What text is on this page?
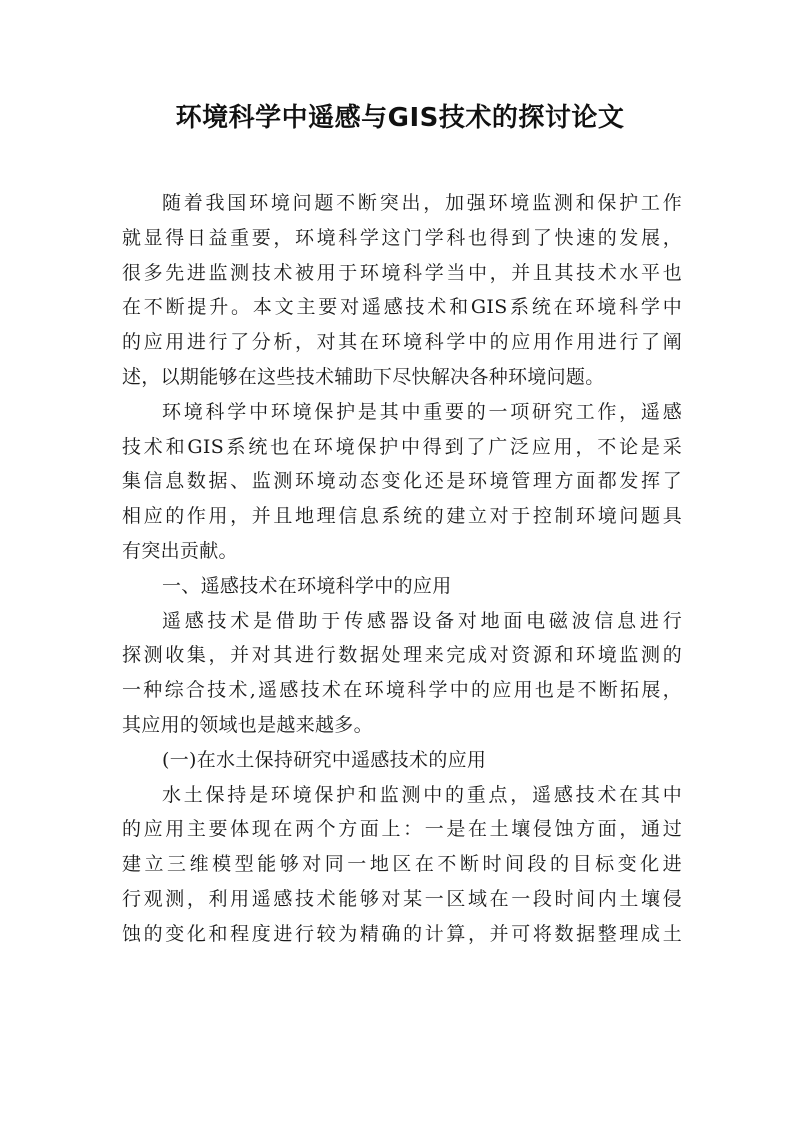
环境科学中遥感与GIS技术的探讨论文
随着我国环境问题不断突出，加强环境监测和保护工作
就显得日益重要，环境科学这门学科也得到了快速的发展，
很多先进监测技术被用于环境科学当中，并且其技术水平也
在不断提升。本文主要对遥感技术和GIS系统在环境科学中
的应用进行了分析，对其在环境科学中的应用作用进行了阐
述，以期能够在这些技术辅助下尽快解决各种环境问题。
环境科学中环境保护是其中重要的一项研究工作，遥感
技术和GIS系统也在环境保护中得到了广泛应用，不论是采
集信息数据、监测环境动态变化还是环境管理方面都发挥了
相应的作用，并且地理信息系统的建立对于控制环境问题具
有突出贡献。
一、遥感技术在环境科学中的应用
遥感技术是借助于传感器设备对地面电磁波信息进行
探测收集，并对其进行数据处理来完成对资源和环境监测的
一种综合技术,遥感技术在环境科学中的应用也是不断拓展，
其应用的领域也是越来越多。
(一)在水土保持研究中遥感技术的应用
水土保持是环境保护和监测中的重点，遥感技术在其中
的应用主要体现在两个方面上：一是在土壤侵蚀方面，通过
建立三维模型能够对同一地区在不断时间段的目标变化进
行观测，利用遥感技术能够对某一区域在一段时间内土壤侵
蚀的变化和程度进行较为精确的计算，并可将数据整理成土
